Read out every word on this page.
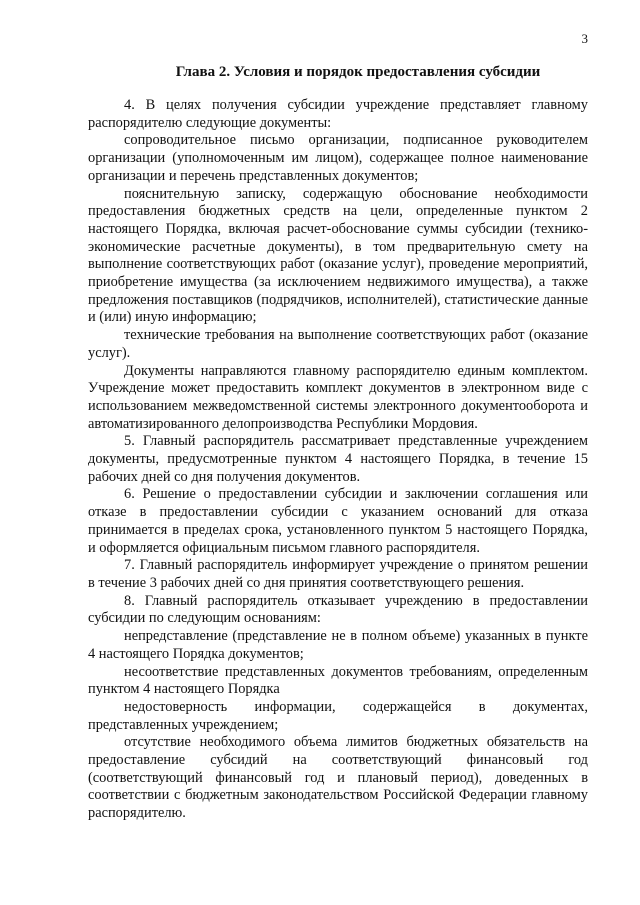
3
Глава 2. Условия и порядок предоставления субсидии

4. В целях получения субсидии учреждение представляет главному распорядителю следующие документы:

сопроводительное письмо организации, подписанное руководителем организации (уполномоченным им лицом), содержащее полное наименование организации и перечень представленных документов;

пояснительную записку, содержащую обоснование необходимости предоставления бюджетных средств на цели, определенные пунктом 2 настоящего Порядка, включая расчет-обоснование суммы субсидии (технико-экономические расчетные документы), в том предварительную смету на выполнение соответствующих работ (оказание услуг), проведение мероприятий, приобретение имущества (за исключением недвижимого имущества), а также предложения поставщиков (подрядчиков, исполнителей), статистические данные и (или) иную информацию;

технические требования на выполнение соответствующих работ (оказание услуг).

Документы направляются главному распорядителю единым комплектом. Учреждение может предоставить комплект документов в электронном виде с использованием межведомственной системы электронного документооборота и автоматизированного делопроизводства Республики Мордовия.

5. Главный распорядитель рассматривает представленные учреждением документы, предусмотренные пунктом 4 настоящего Порядка, в течение 15 рабочих дней со дня получения документов.

6. Решение о предоставлении субсидии и заключении соглашения или отказе в предоставлении субсидии с указанием оснований для отказа принимается в пределах срока, установленного пунктом 5 настоящего Порядка, и оформляется официальным письмом главного распорядителя.

7. Главный распорядитель информирует учреждение о принятом решении в течение 3 рабочих дней со дня принятия соответствующего решения.

8. Главный распорядитель отказывает учреждению в предоставлении субсидии по следующим основаниям:

непредставление (представление не в полном объеме) указанных в пункте 4 настоящего Порядка документов;

несоответствие представленных документов требованиям, определенным пунктом 4 настоящего Порядка

недостоверность информации, содержащейся в документах, представленных учреждением;

отсутствие необходимого объема лимитов бюджетных обязательств на предоставление субсидий на соответствующий финансовый год (соответствующий финансовый год и плановый период), доведенных в соответствии с бюджетным законодательством Российской Федерации главному распорядителю.
